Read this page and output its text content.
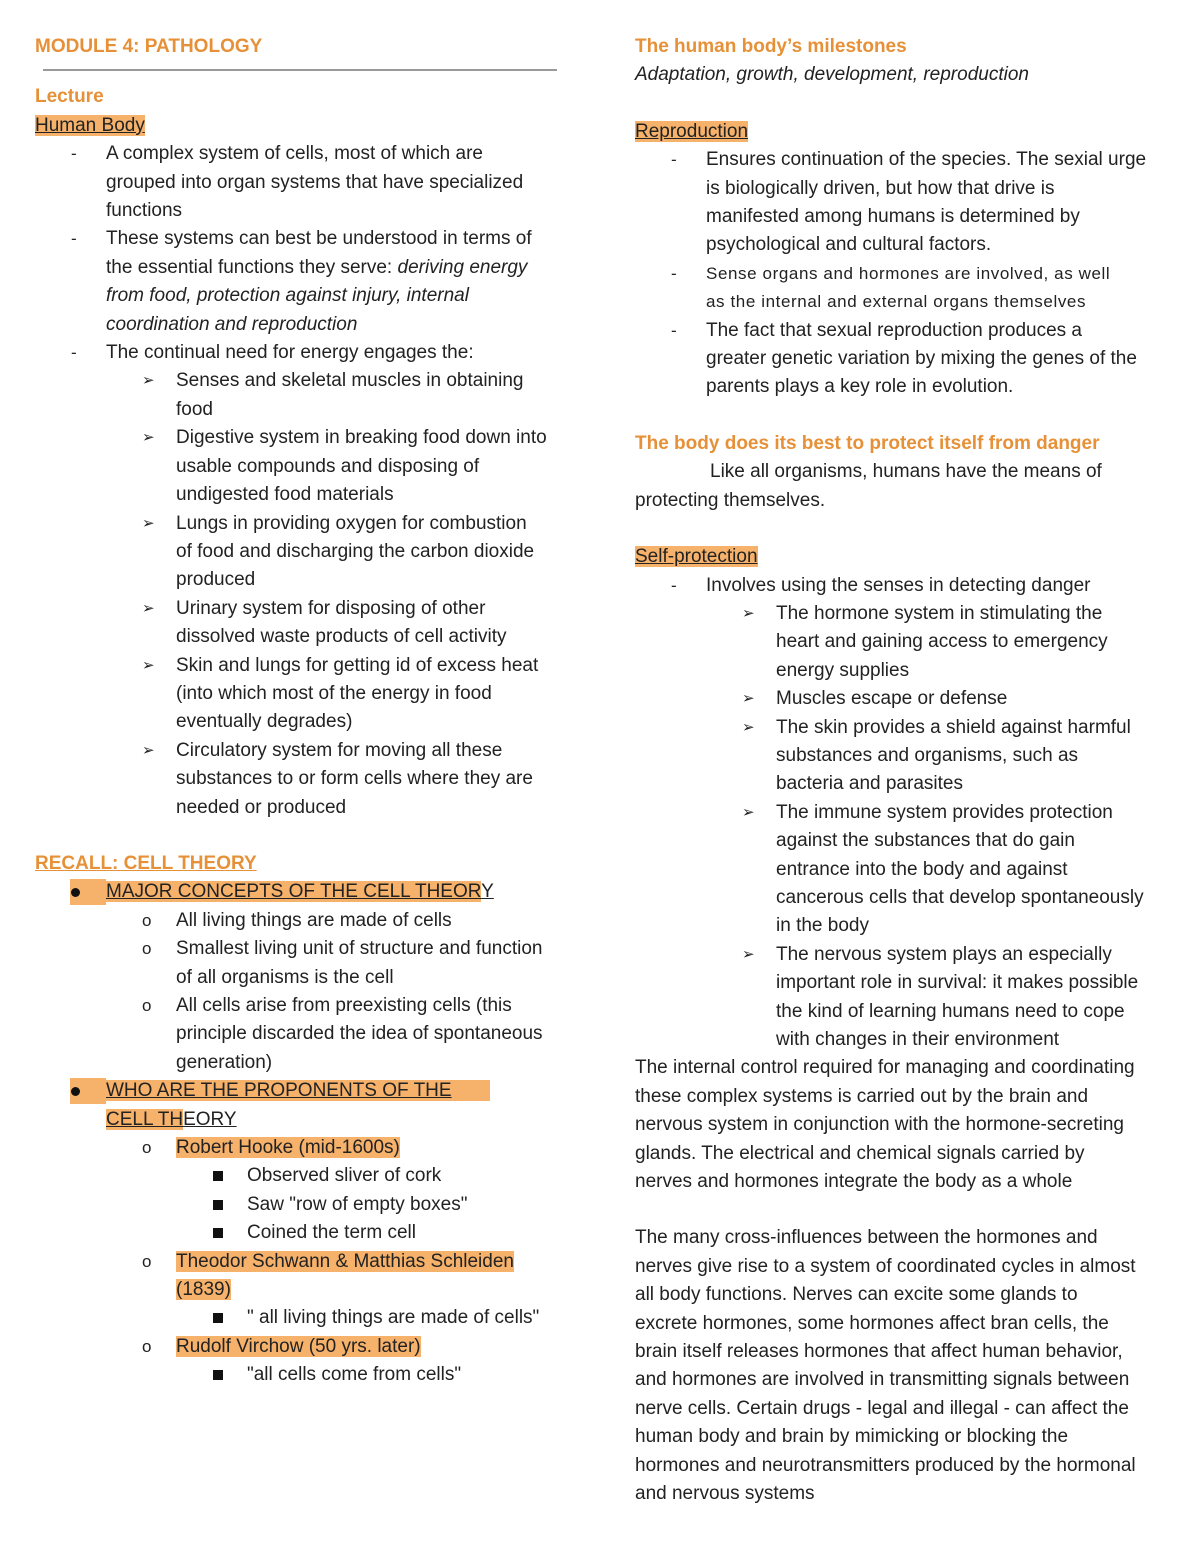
MODULE 4: PATHOLOGY
Lecture
Human Body
- A complex system of cells, most of which are
grouped into organ systems that have specialized
functions
- These systems can best be understood in terms of
the essential functions they serve: deriving energy
from food, protection against injury, internal
coordination and reproduction
- The continual need for energy engages the:
➢ Senses and skeletal muscles in obtaining
food
➢ Digestive system in breaking food down into
usable compounds and disposing of
undigested food materials
➢ Lungs in providing oxygen for combustion
of food and discharging the carbon dioxide
produced
➢ Urinary system for disposing of other
dissolved waste products of cell activity
➢ Skin and lungs for getting id of excess heat
(into which most of the energy in food
eventually degrades)
➢ Circulatory system for moving all these
substances to or form cells where they are
needed or produced
RECALL: CELL THEORY
MAJOR CONCEPTS OF THE CELL THEORY
o All living things are made of cells
o Smallest living unit of structure and function
of all organisms is the cell
o All cells arise from preexisting cells (this
principle discarded the idea of spontaneous
generation)
WHO ARE THE PROPONENTS OF THE
CELL THEORY
o Robert Hooke (mid-1600s)
Observed sliver of cork
Saw "row of empty boxes"
Coined the term cell
o Theodor Schwann & Matthias Schleiden
(1839)
" all living things are made of cells"
o Rudolf Virchow (50 yrs. later)
"all cells come from cells"
The human body’s milestones
Adaptation, growth, development, reproduction
Reproduction
- Ensures continuation of the species. The sexial urge
is biologically driven, but how that drive is
manifested among humans is determined by
psychological and cultural factors.
- Sense organs and hormones are involved, as well
as the internal and external organs themselves
- The fact that sexual reproduction produces a
greater genetic variation by mixing the genes of the
parents plays a key role in evolution.
The body does its best to protect itself from danger
Like all organisms, humans have the means of
protecting themselves.
Self-protection
- Involves using the senses in detecting danger
➢ The hormone system in stimulating the
heart and gaining access to emergency
energy supplies
➢ Muscles escape or defense
➢ The skin provides a shield against harmful
substances and organisms, such as
bacteria and parasites
➢ The immune system provides protection
against the substances that do gain
entrance into the body and against
cancerous cells that develop spontaneously
in the body
➢ The nervous system plays an especially
important role in survival: it makes possible
the kind of learning humans need to cope
with changes in their environment
The internal control required for managing and coordinating
these complex systems is carried out by the brain and
nervous system in conjunction with the hormone-secreting
glands. The electrical and chemical signals carried by
nerves and hormones integrate the body as a whole
The many cross-influences between the hormones and
nerves give rise to a system of coordinated cycles in almost
all body functions. Nerves can excite some glands to
excrete hormones, some hormones affect bran cells, the
brain itself releases hormones that affect human behavior,
and hormones are involved in transmitting signals between
nerve cells. Certain drugs - legal and illegal - can affect the
human body and brain by mimicking or blocking the
hormones and neurotransmitters produced by the hormonal
and nervous systems
